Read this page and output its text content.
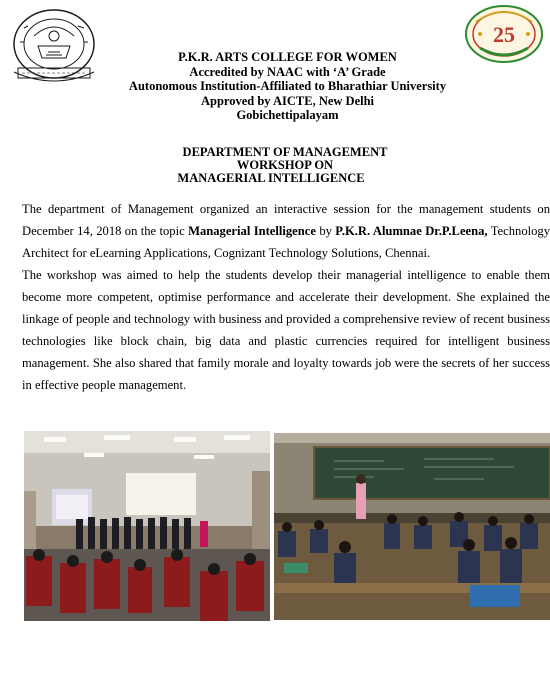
25
P.K.R. ARTS COLLEGE FOR WOMEN
Accredited by NAAC with ‘A’ Grade
Autonomous Institution-Affiliated to Bharathiar University
Approved by AICTE, New Delhi
Gobichettipalayam
DEPARTMENT OF MANAGEMENT
WORKSHOP ON
MANAGERIAL INTELLIGENCE

The department of Management organized an interactive session for the management students on December 14, 2018 on the topic Managerial Intelligence by P.K.R. Alumnae Dr.P.Leena, Technology Architect for eLearning Applications, Cognizant Technology Solutions, Chennai.

The workshop was aimed to help the students develop their managerial intelligence to enable them become more competent, optimise performance and accelerate their development. She explained the linkage of people and technology with business and provided a comprehensive review of recent business technologies like block chain, big data and plastic currencies required for intelligent business management. She also shared that family morale and loyalty towards job were the secrets of her success in effective people management.
